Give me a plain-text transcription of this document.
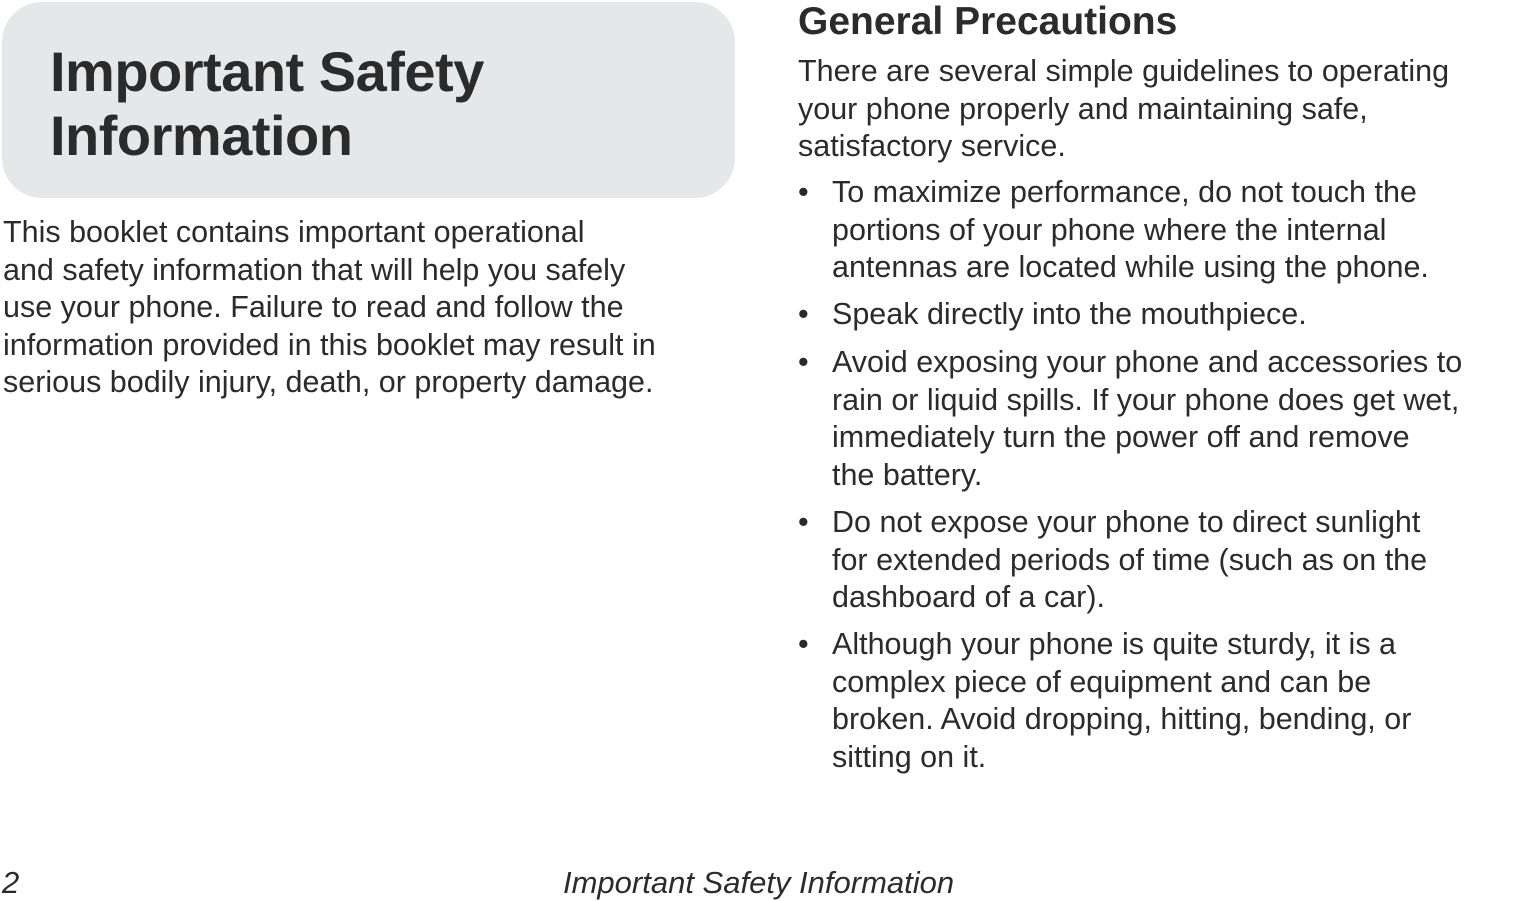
Important Safety
Information

This booklet contains important operational
and safety information that will help you safely
use your phone. Failure to read and follow the
information provided in this booklet may result in
serious bodily injury, death, or property damage.

General Precautions

There are several simple guidelines to operating
your phone properly and maintaining safe,
satisfactory service.

• To maximize performance, do not touch the
portions of your phone where the internal
antennas are located while using the phone.
• Speak directly into the mouthpiece.
• Avoid exposing your phone and accessories to
rain or liquid spills. If your phone does get wet,
immediately turn the power off and remove
the battery.
• Do not expose your phone to direct sunlight
for extended periods of time (such as on the
dashboard of a car).
• Although your phone is quite sturdy, it is a
complex piece of equipment and can be
broken. Avoid dropping, hitting, bending, or
sitting on it.
2	Important Safety Information
